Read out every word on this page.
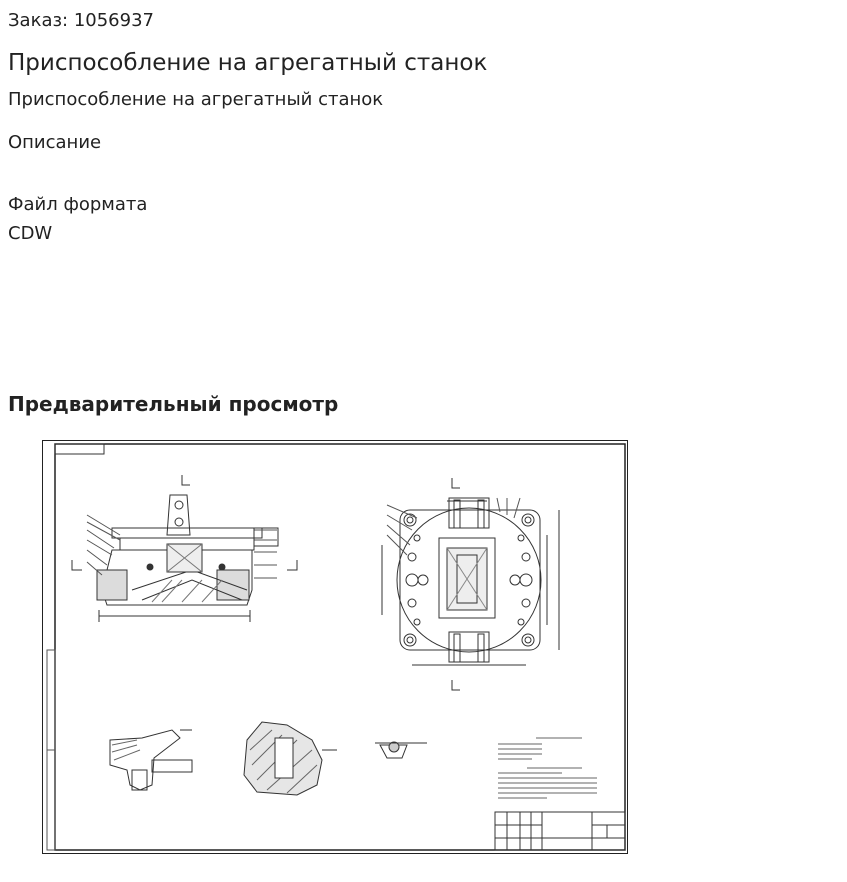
Заказ: 1056937
Приспособление на агрегатный станок
Приспособление на агрегатный станок
Описание
Файл формата
CDW
Предварительный просмотр
